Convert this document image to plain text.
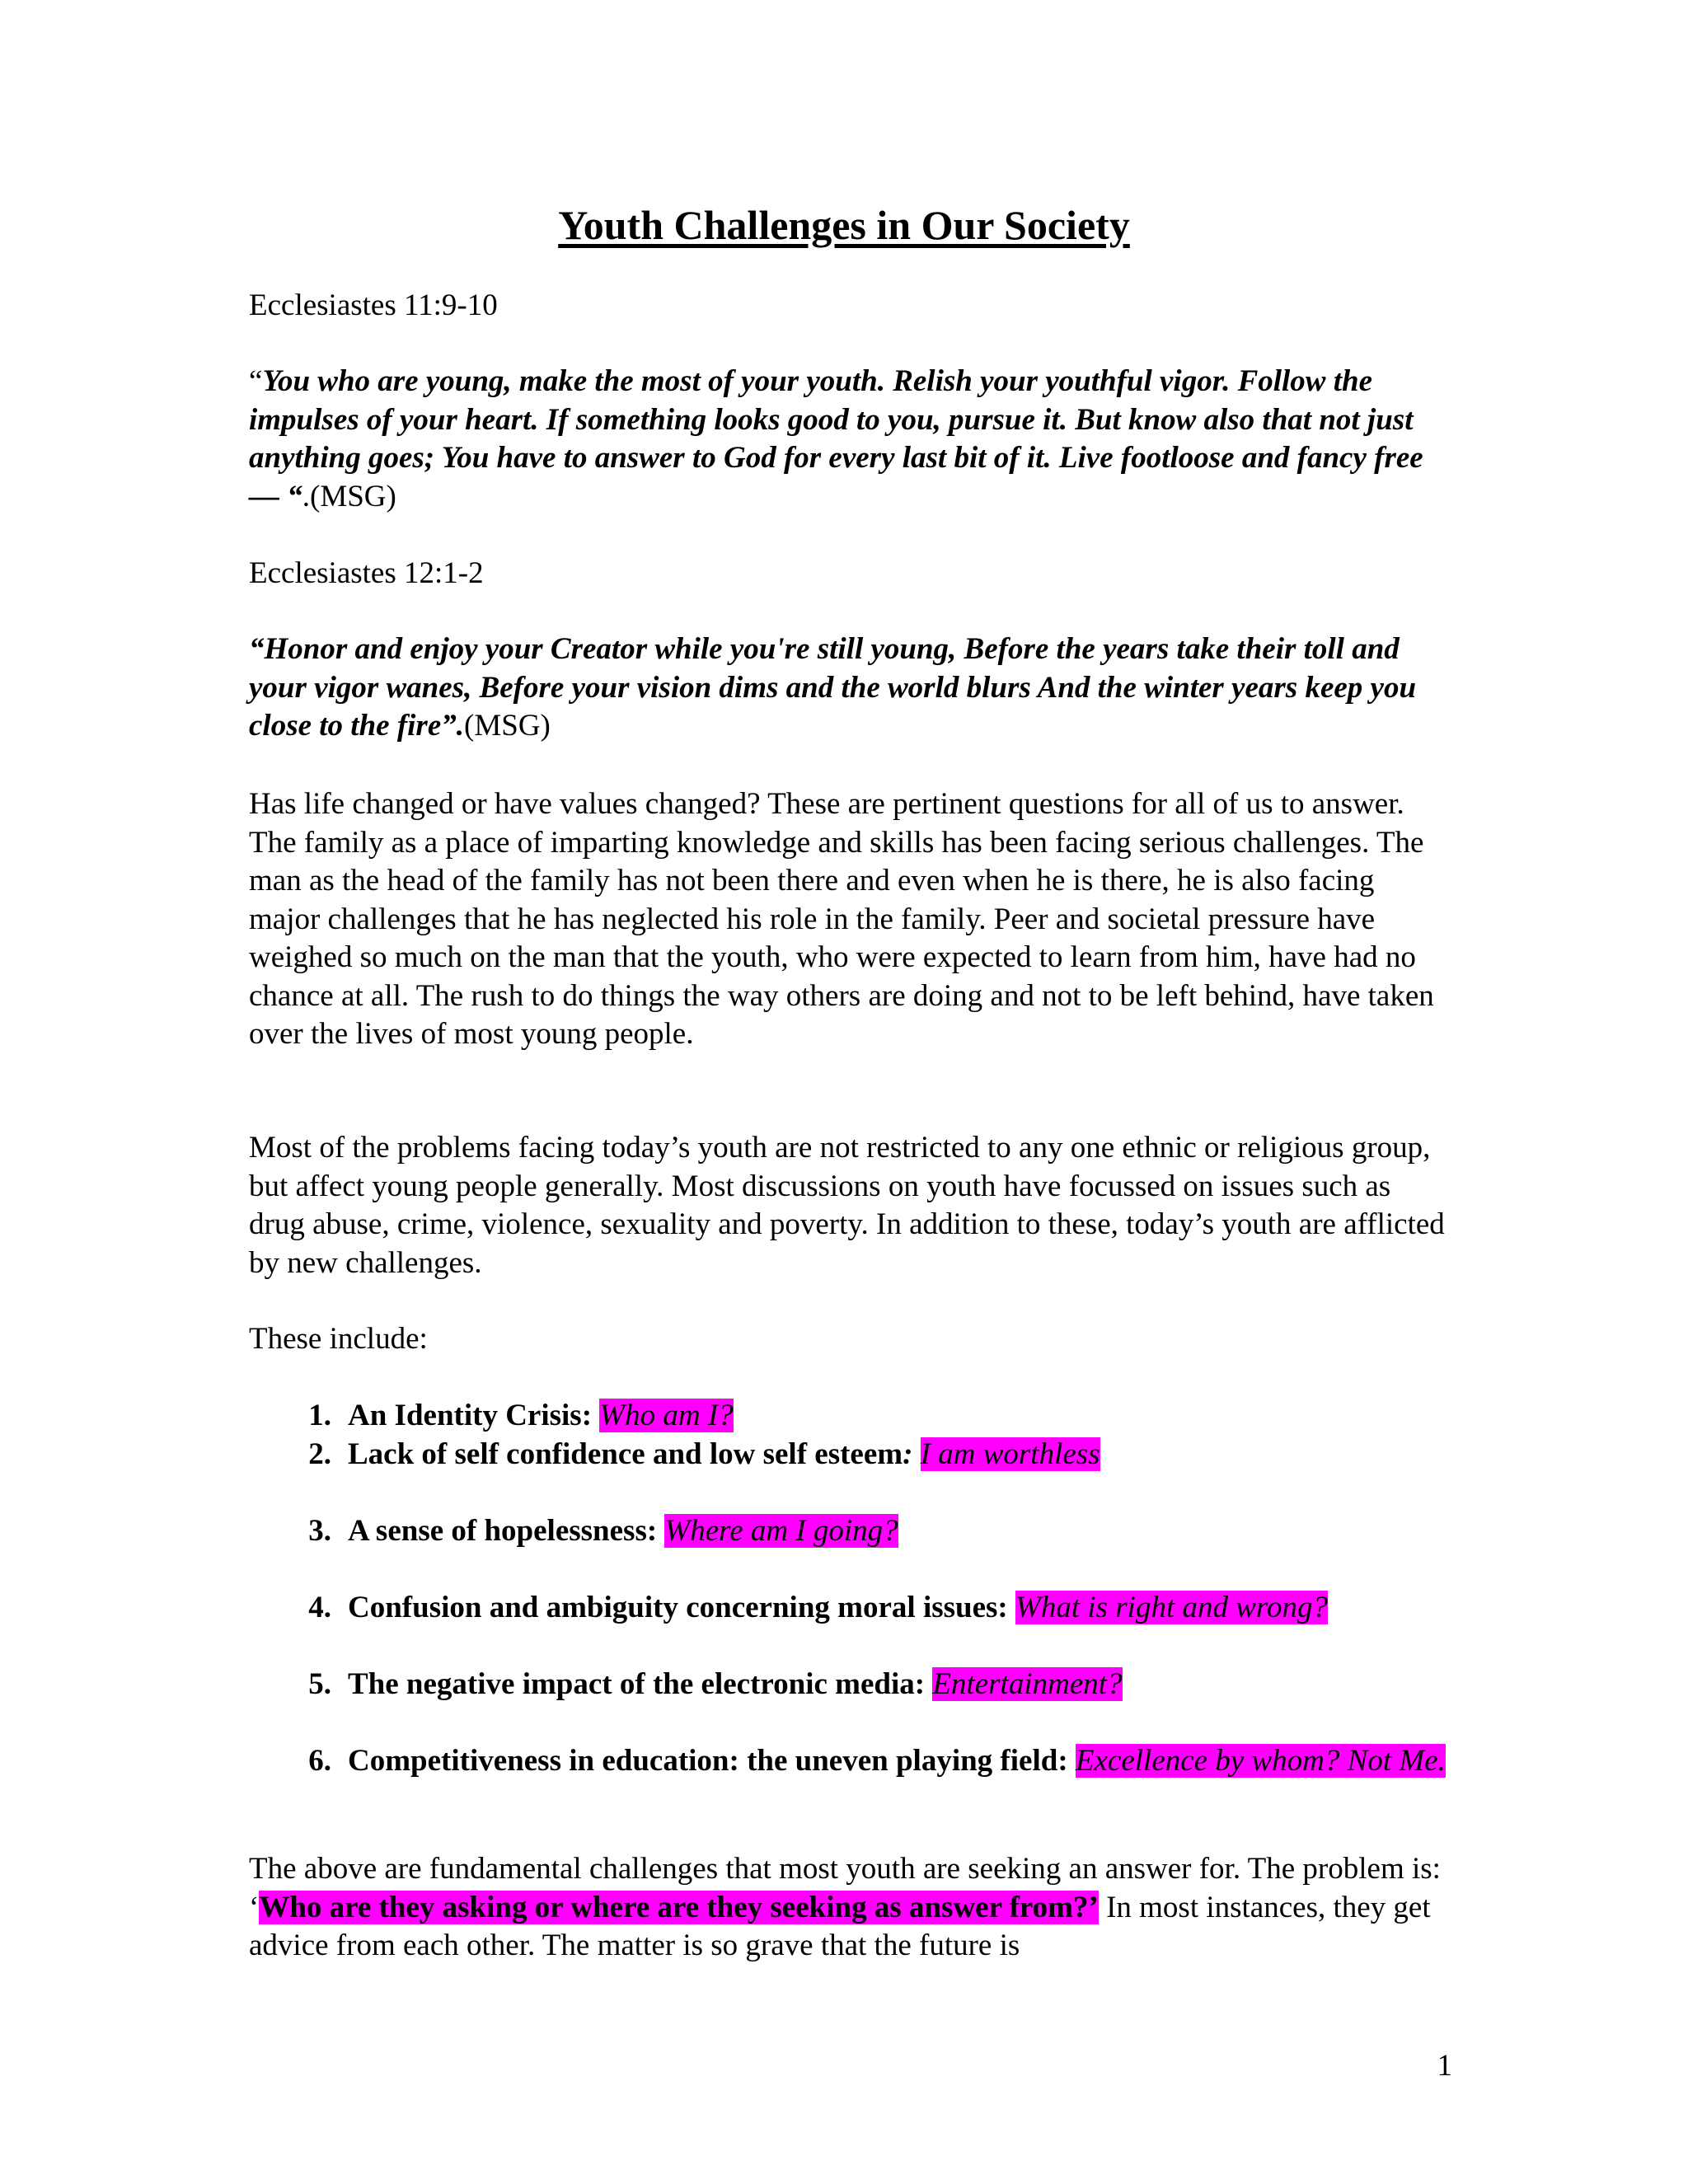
Youth Challenges in Our Society

Ecclesiastes 11:9-10

“You who are young, make the most of your youth. Relish your youthful vigor. Follow the impulses of your heart. If something looks good to you, pursue it. But know also that not just anything goes; You have to answer to God for every last bit of it. Live footloose and fancy free— “.(MSG)

Ecclesiastes 12:1-2

“Honor and enjoy your Creator while you're still young, Before the years take their toll and your vigor wanes, Before your vision dims and the world blurs And the winter years keep you close to the fire”.(MSG)

Has life changed or have values changed? These are pertinent questions for all of us to answer. The family as a place of imparting knowledge and skills has been facing serious challenges. The man as the head of the family has not been there and even when he is there, he is also facing major challenges that he has neglected his role in the family. Peer and societal pressure have weighed so much on the man that the youth, who were expected to learn from him, have had no chance at all. The rush to do things the way others are doing and not to be left behind, have taken over the lives of most young people.

Most of the problems facing today’s youth are not restricted to any one ethnic or religious group, but affect young people generally. Most discussions on youth have focussed on issues such as drug abuse, crime, violence, sexuality and poverty. In addition to these, today’s youth are afflicted by new challenges.

These include:

1. An Identity Crisis: Who am I?
2. Lack of self confidence and low self esteem: I am worthless
3. A sense of hopelessness: Where am I going?
4. Confusion and ambiguity concerning moral issues: What is right and wrong?
5. The negative impact of the electronic media: Entertainment?
6. Competitiveness in education: the uneven playing field: Excellence by whom? Not Me.

The above are fundamental challenges that most youth are seeking an answer for. The problem is: ‘Who are they asking or where are they seeking as answer from?’ In most instances, they get advice from each other. The matter is so grave that the future is

1
